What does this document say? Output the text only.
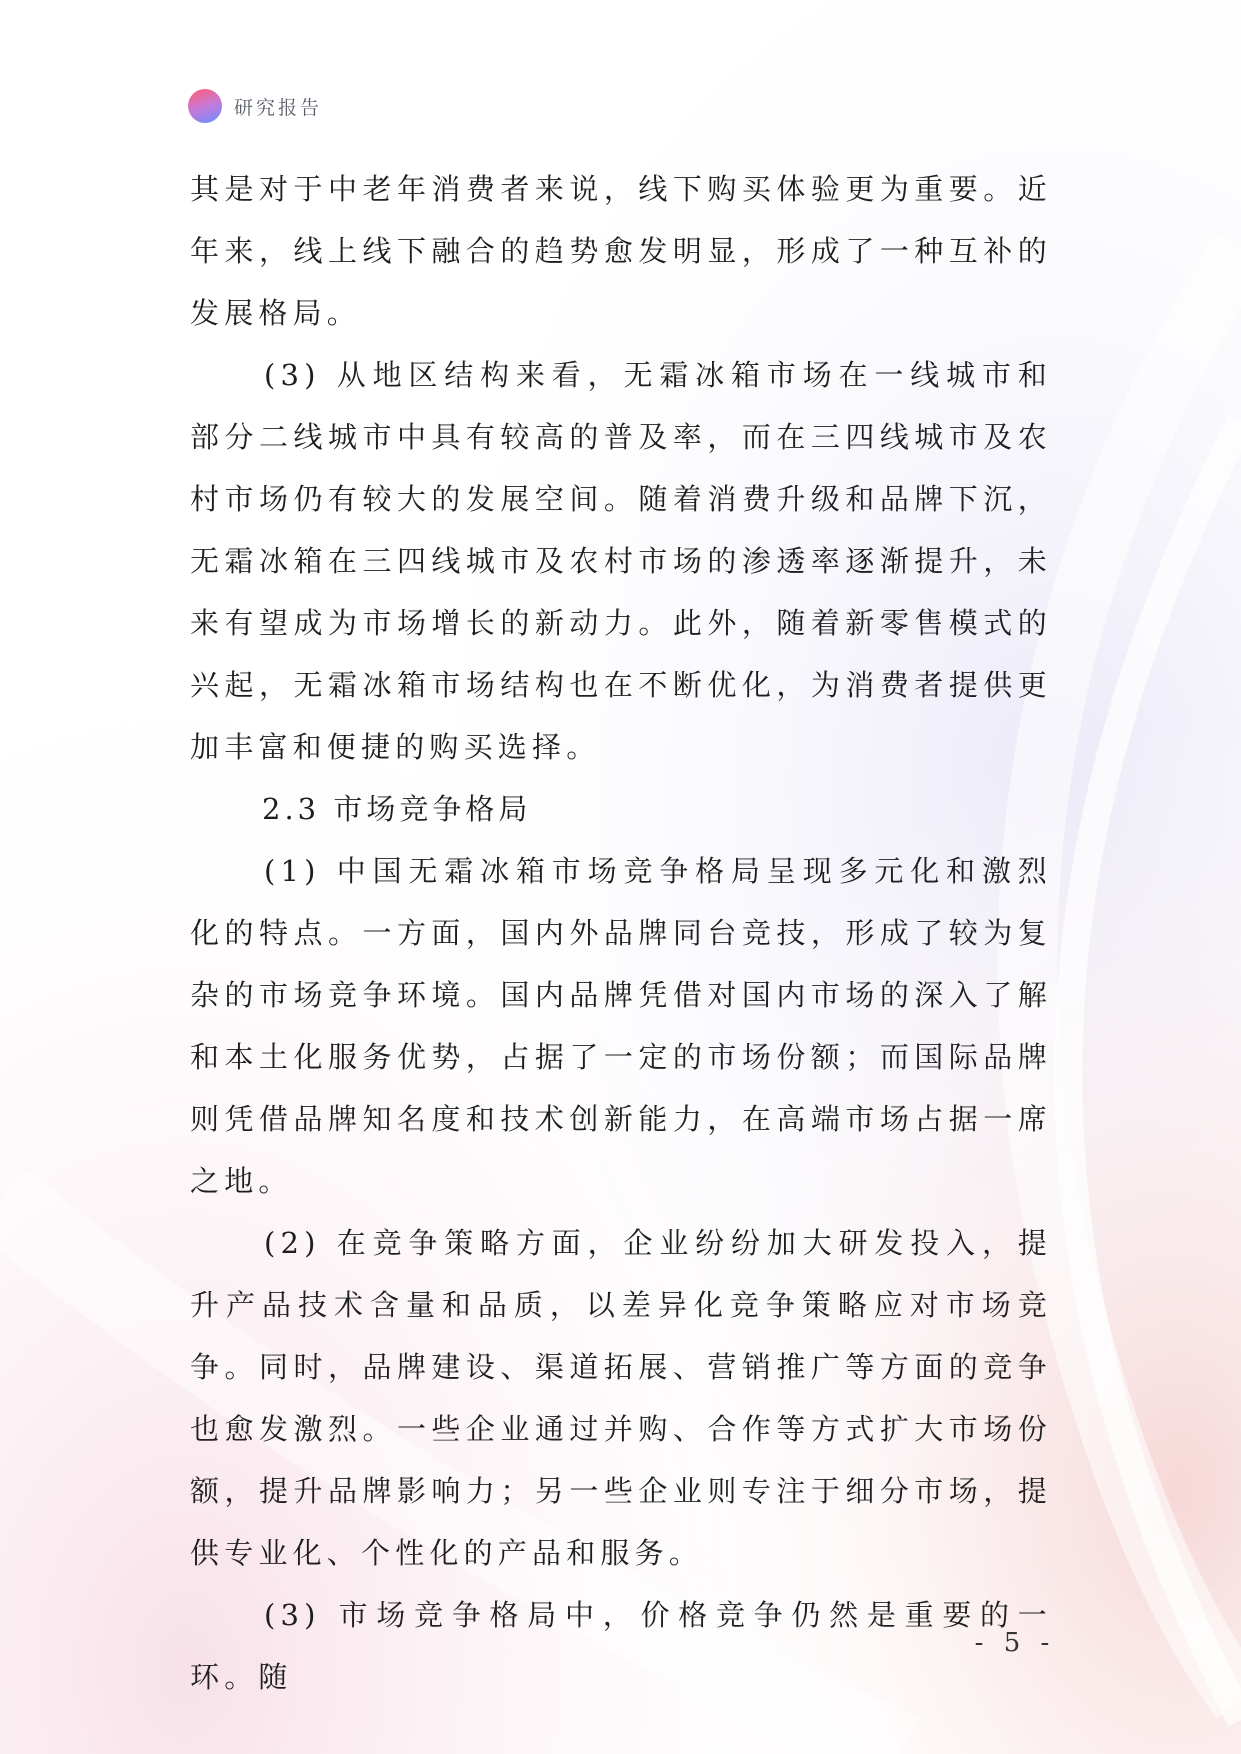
研究报告

其是对于中老年消费者来说，线下购买体验更为重要。近年来，线上线下融合的趋势愈发明显，形成了一种互补的发展格局。

(3) 从地区结构来看，无霜冰箱市场在一线城市和部分二线城市中具有较高的普及率，而在三四线城市及农村市场仍有较大的发展空间。随着消费升级和品牌下沉，无霜冰箱在三四线城市及农村市场的渗透率逐渐提升，未来有望成为市场增长的新动力。此外，随着新零售模式的兴起，无霜冰箱市场结构也在不断优化，为消费者提供更加丰富和便捷的购买选择。

2.3 市场竞争格局

(1) 中国无霜冰箱市场竞争格局呈现多元化和激烈化的特点。一方面，国内外品牌同台竞技，形成了较为复杂的市场竞争环境。国内品牌凭借对国内市场的深入了解和本土化服务优势，占据了一定的市场份额；而国际品牌则凭借品牌知名度和技术创新能力，在高端市场占据一席之地。

(2) 在竞争策略方面，企业纷纷加大研发投入，提升产品技术含量和品质，以差异化竞争策略应对市场竞争。同时，品牌建设、渠道拓展、营销推广等方面的竞争也愈发激烈。一些企业通过并购、合作等方式扩大市场份额，提升品牌影响力；另一些企业则专注于细分市场，提供专业化、个性化的产品和服务。

(3) 市场竞争格局中，价格竞争仍然是重要的一环。随

- 5 -
